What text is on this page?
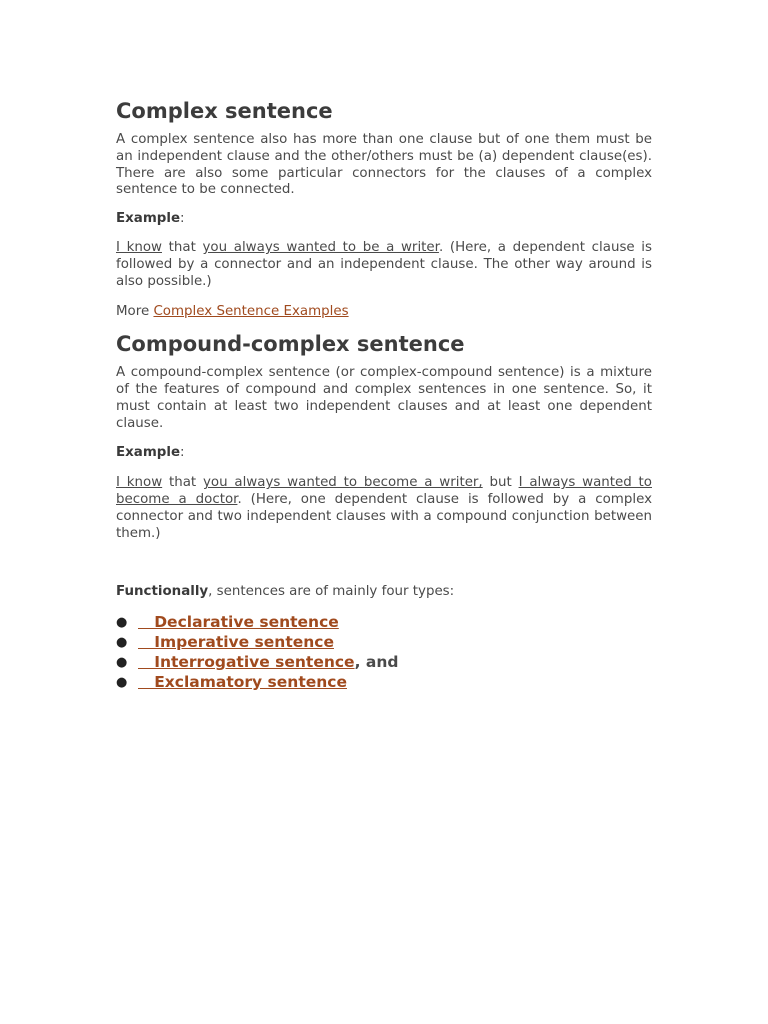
Complex sentence

A complex sentence also has more than one clause but of one them must be an independent clause and the other/others must be (a) dependent clause(es). There are also some particular connectors for the clauses of a complex sentence to be connected.

Example:

I know that you always wanted to be a writer. (Here, a dependent clause is followed by a connector and an independent clause. The other way around is also possible.)

More Complex Sentence Examples

Compound-complex sentence

A compound-complex sentence (or complex-compound sentence) is a mixture of the features of compound and complex sentences in one sentence. So, it must contain at least two independent clauses and at least one dependent clause.

Example:

I know that you always wanted to become a writer, but I always wanted to become a doctor. (Here, one dependent clause is followed by a complex connector and two independent clauses with a compound conjunction between them.)

Functionally, sentences are of mainly four types:

● Declarative sentence
● Imperative sentence
● Interrogative sentence, and
● Exclamatory sentence
